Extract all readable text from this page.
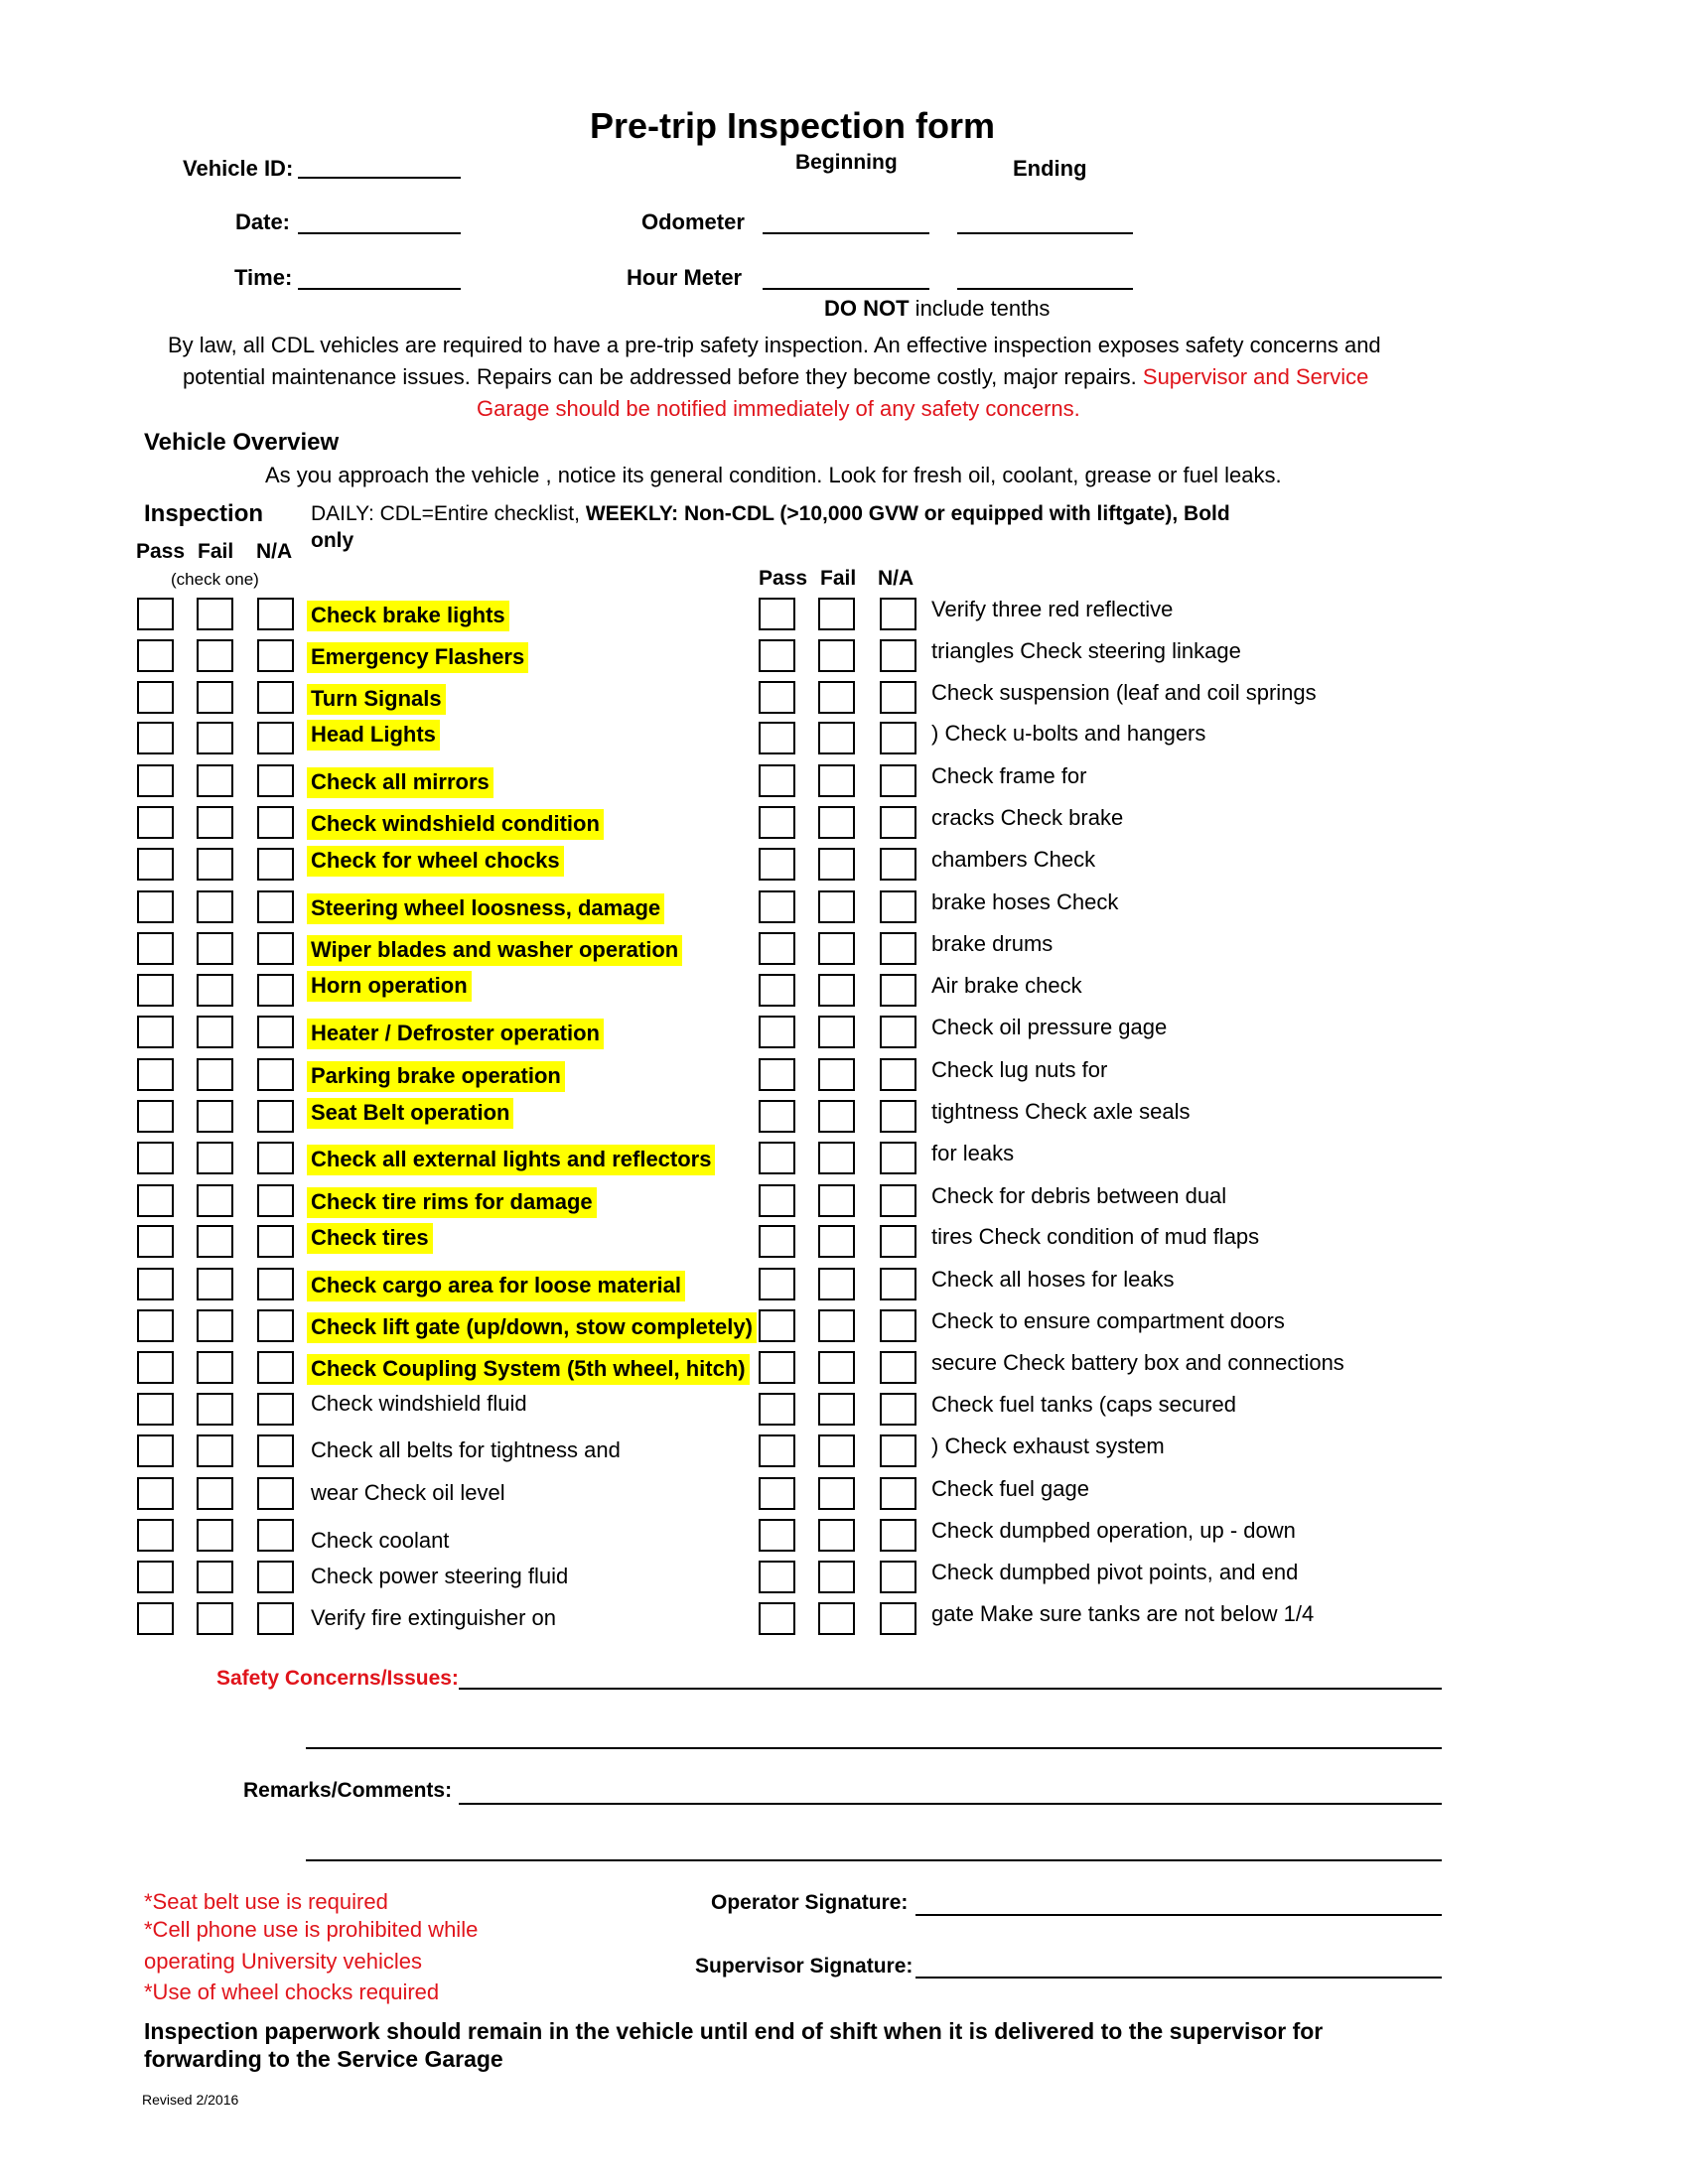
Pre-trip Inspection form
Vehicle ID:	Beginning	Ending
Date:	Odometer
Time:	Hour Meter
DO NOT include tenths
By law, all CDL vehicles are required to have a pre-trip safety inspection. An effective inspection exposes safety concerns and
potential maintenance issues. Repairs can be addressed before they become costly, major repairs. Supervisor and Service
Garage should be notified immediately of any safety concerns.
Vehicle Overview
As you approach the vehicle , notice its general condition. Look for fresh oil, coolant, grease or fuel leaks.
Inspection DAILY: CDL=Entire checklist, WEEKLY: Non-CDL (>10,000 GVW or equipped with liftgate), Bold
only
Pass Fail N/A
(check one)	Pass Fail N/A
Check brake lights	Verify three red reflective
Emergency Flashers	triangles Check steering linkage
Turn Signals	Check suspension (leaf and coil springs
Head Lights	) Check u-bolts and hangers
Check all mirrors	Check frame for
Check windshield condition	cracks Check brake
Check for wheel chocks	chambers Check
Steering wheel loosness, damage	brake hoses Check
Wiper blades and washer operation	brake drums
Horn operation	Air brake check
Heater / Defroster operation	Check oil pressure gage
Parking brake operation	Check lug nuts for
Seat Belt operation	tightness Check axle seals
Check all external lights and reflectors	for leaks
Check tire rims for damage	Check for debris between dual
Check tires	tires Check condition of mud flaps
Check cargo area for loose material	Check all hoses for leaks
Check lift gate (up/down, stow completely)	Check to ensure compartment doors
Check Coupling System (5th wheel, hitch)	secure Check battery box and connections
Check windshield fluid	Check fuel tanks (caps secured
Check all belts for tightness and	) Check exhaust system
wear Check oil level	Check fuel gage
Check coolant	Check dumpbed operation, up - down
Check power steering fluid	Check dumpbed pivot points, and end
Verify fire extinguisher on	gate Make sure tanks are not below 1/4
Safety Concerns/Issues:
Remarks/Comments:
*Seat belt use is required
*Cell phone use is prohibited while
operating University vehicles
*Use of wheel chocks required
Operator Signature:
Supervisor Signature:
Inspection paperwork should remain in the vehicle until end of shift when it is delivered to the supervisor for
forwarding to the Service Garage
Revised 2/2016
